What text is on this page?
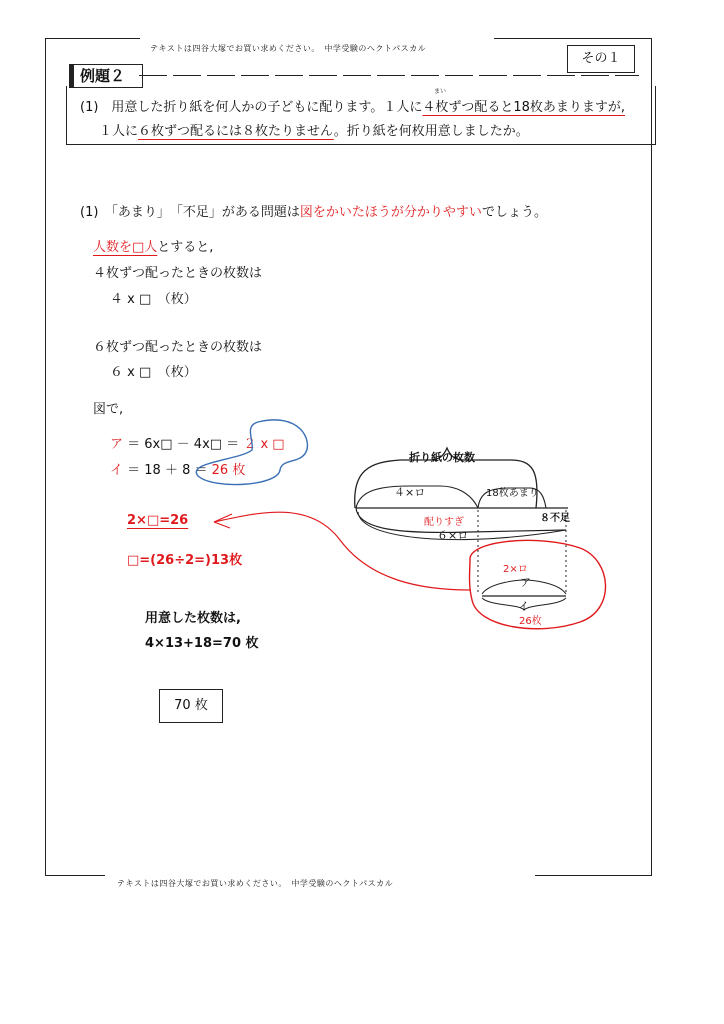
テキストは四谷大塚でお買い求めください。　中学受験のヘクトパスカル
その１
例題２
まい
(1)　用意した折り紙を何人かの子どもに配ります。１人に４枚ずつ配ると18枚あまりますが,
１人に６枚ずつ配るには８枚たりません。折り紙を何枚用意しましたか。
(1)　「あまり」　「不足」がある問題は図をかいたほうが分かりやすいでしょう。
人数を□人とすると,
４枚ずつ配ったときの枚数は
４ x □　（枚）
６枚ずつ配ったときの枚数は
６ x □　（枚）
図で,
ア ＝ 6x□ － 4x□ ＝ ２ x □
イ ＝ 18 ＋ 8 ＝ 26 枚
2×□=26
□=(26÷2=)13枚
用意した枚数は,
4×13+18=70 枚
70 枚
折り紙の枚数
４×ロ	18枚あまり
８不足
配りすぎ
６×ロ
2×ロ
ア
イ
26枚
テキストは四谷大塚でお買い求めください。　中学受験のヘクトパスカル
